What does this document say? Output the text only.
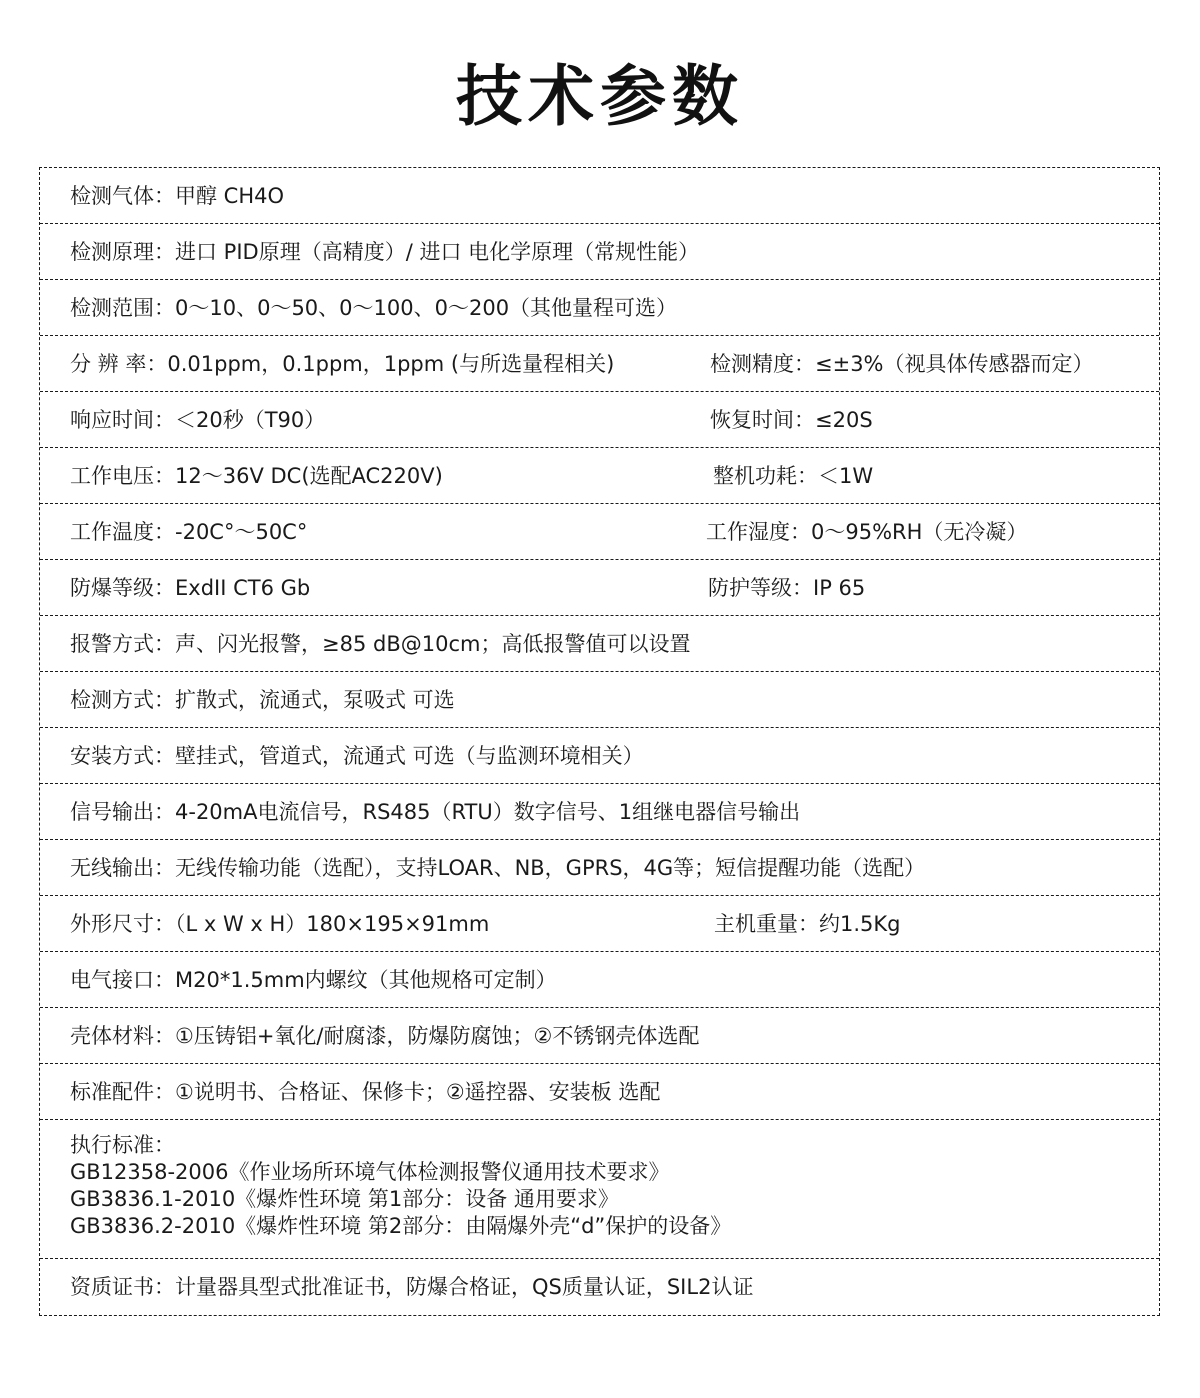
技术参数
检测气体：甲醇 CH4O
检测原理：进口 PID原理（高精度）/ 进口 电化学原理（常规性能）
检测范围：0～10、0～50、0～100、0～200（其他量程可选）
分 辨 率：0.01ppm，0.1ppm，1ppm (与所选量程相关)	检测精度：≤±3%（视具体传感器而定）
响应时间：＜20秒（T90）	恢复时间：≤20S
工作电压：12～36V DC(选配AC220V)	整机功耗：＜1W
工作温度：-20C°～50C°	工作湿度：0～95%RH（无冷凝）
防爆等级：ExdII CT6 Gb	防护等级：IP 65
报警方式：声、闪光报警，≥85 dB@10cm；高低报警值可以设置
检测方式：扩散式，流通式，泵吸式 可选
安装方式：壁挂式，管道式，流通式 可选（与监测环境相关）
信号输出：4-20mA电流信号，RS485（RTU）数字信号、1组继电器信号输出
无线输出：无线传输功能（选配），支持LOAR、NB，GPRS，4G等；短信提醒功能（选配）
外形尺寸：（L x W x H）180×195×91mm	主机重量：约1.5Kg
电气接口：M20*1.5mm内螺纹（其他规格可定制）
壳体材料：①压铸铝+氧化/耐腐漆，防爆防腐蚀；②不锈钢壳体选配
标准配件：①说明书、合格证、保修卡；②遥控器、安装板 选配
执行标准：
GB12358-2006《作业场所环境气体检测报警仪通用技术要求》
GB3836.1-2010《爆炸性环境 第1部分：设备 通用要求》
GB3836.2-2010《爆炸性环境 第2部分：由隔爆外壳“d”保护的设备》
资质证书：计量器具型式批准证书，防爆合格证，QS质量认证，SIL2认证
